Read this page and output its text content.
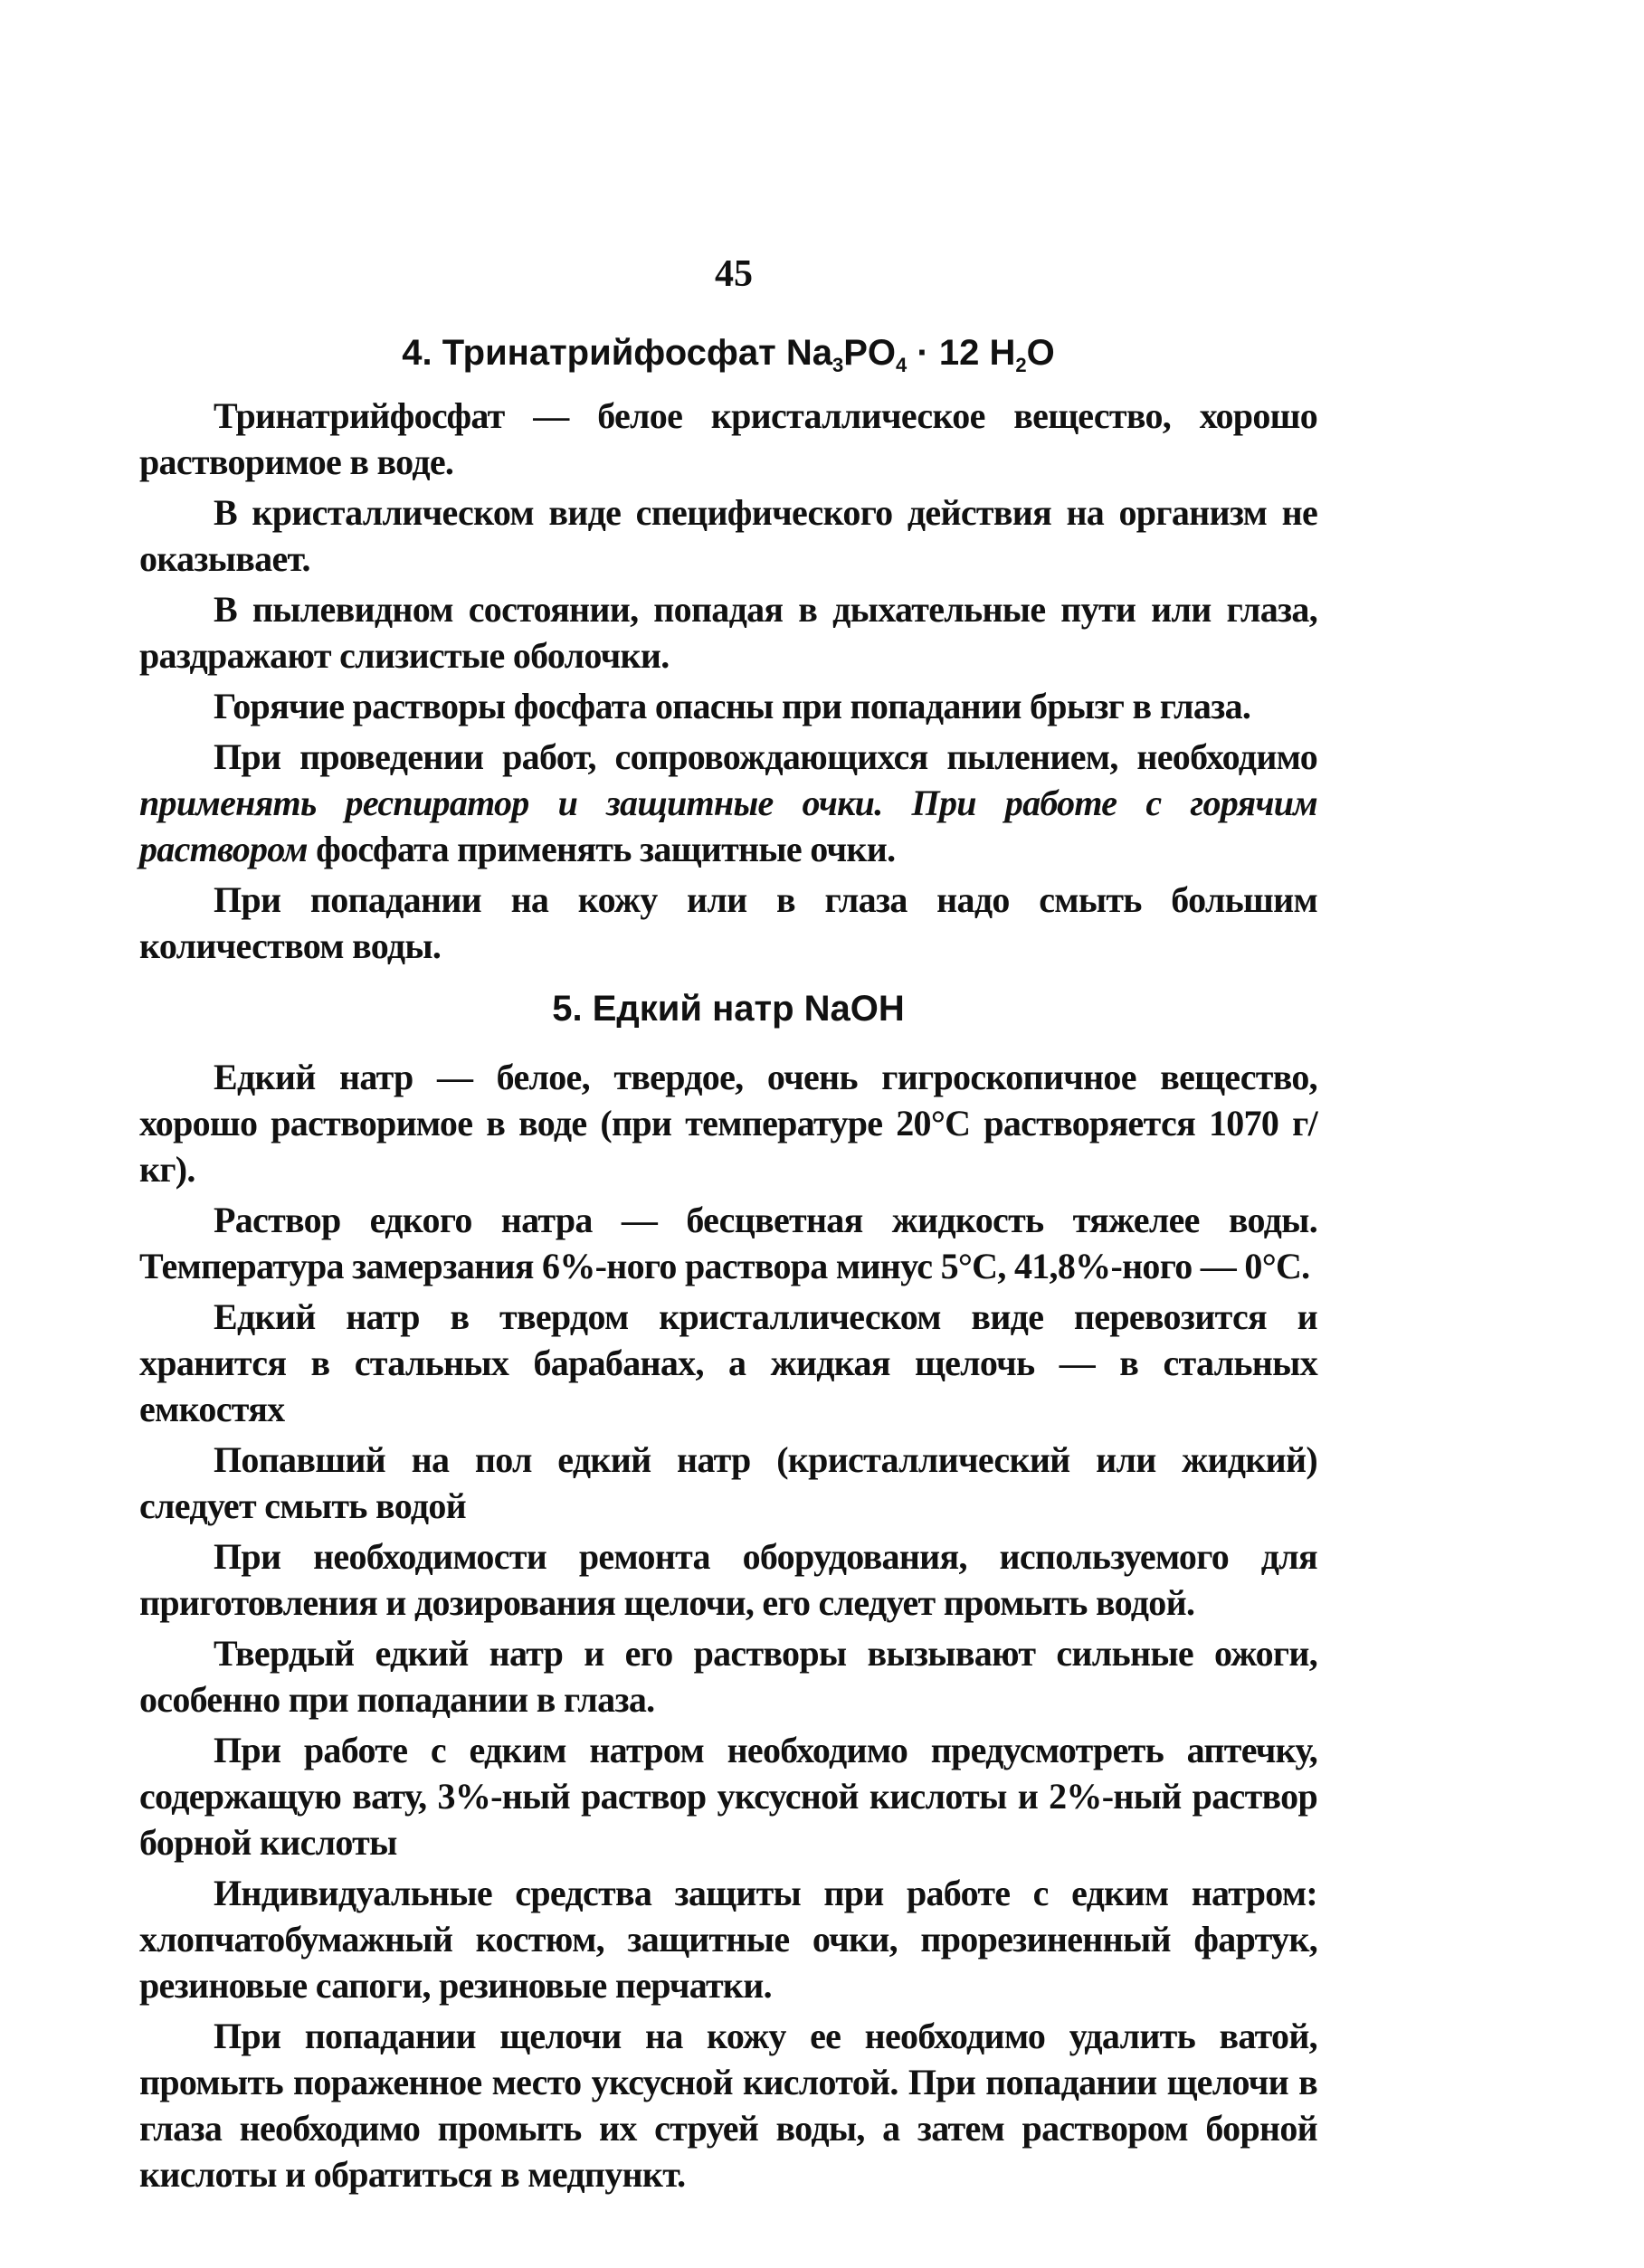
45
4. Тринатрийфосфат $Na_3PO_4 \cdot 12$ $H_2O$

Тринатрийфосфат — белое кристаллическое вещество, хорошо растворимое в воде.

В кристаллическом виде специфического действия на организм не оказывает.

В пылевидном состоянии, попадая в дыхательные пути или глаза, раздражают слизистые оболочки.

Горячие растворы фосфата опасны при попадании брызг в глаза.

При проведении работ, сопровождающихся пылением, необходимо применять респиратор и защитные очки. При работе с горячим раствором фосфата применять защитные очки.

При попадании на кожу или в глаза надо смыть большим количеством воды.

5. Едкий натр NaOH

Едкий натр — белое, твердое, очень гигроскопичное вещество, хорошо растворимое в воде (при температуре 20°С растворяется 1070 г/кг).

Раствор едкого натра — бесцветная жидкость тяжелее воды. Температура замерзания 6%-ного раствора минус 5°С, 41,8%-ного — 0°С.

Едкий натр в твердом кристаллическом виде перевозится и хранится в стальных барабанах, а жидкая щелочь — в стальных емкостях

Попавший на пол едкий натр (кристаллический или жидкий) следует смыть водой

При необходимости ремонта оборудования, используемого для приготовления и дозирования щелочи, его следует промыть водой.

Твердый едкий натр и его растворы вызывают сильные ожоги, особенно при попадании в глаза.

При работе с едким натром необходимо предусмотреть аптечку, содержащую вату, 3%-ный раствор уксусной кислоты и 2%-ный раствор борной кислоты

Индивидуальные средства защиты при работе с едким натром: хлопчатобумажный костюм, защитные очки, прорезиненный фартук, резиновые сапоги, резиновые перчатки.

При попадании щелочи на кожу ее необходимо удалить ватой, промыть пораженное место уксусной кислотой. При попадании щелочи в глаза необходимо промыть их струей воды, а затем раствором борной кислоты и обратиться в медпункт.
